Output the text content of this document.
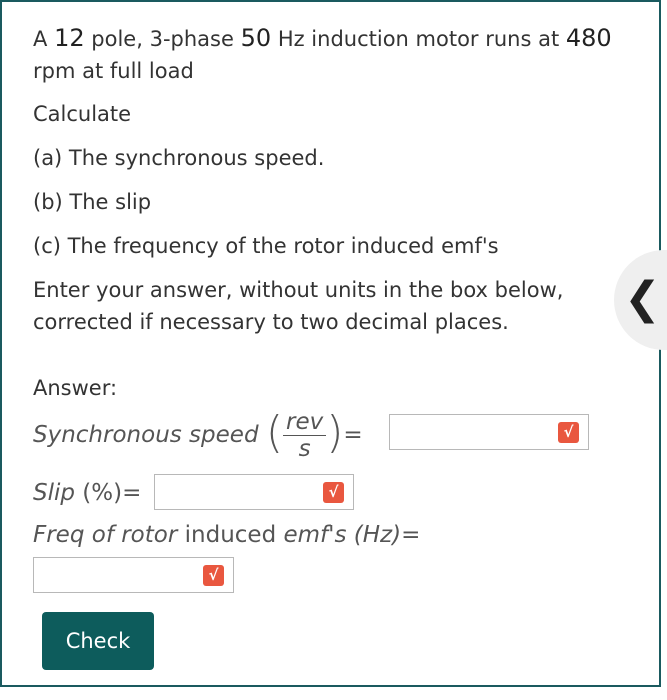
A 12 pole, 3-phase 50 Hz induction motor runs at 480
rpm at full load
Calculate
(a) The synchronous speed.
(b) The slip
(c) The frequency of the rotor induced emf's
Enter your answer, without units in the box below,
corrected if necessary to two decimal places.
Answer:
Synchronous speed ( $\frac{\text{rev}}{s}$ )=
Slip (%)=
Freq of rotor induced emf's (Hz)=
√
√
√
Check
❮
